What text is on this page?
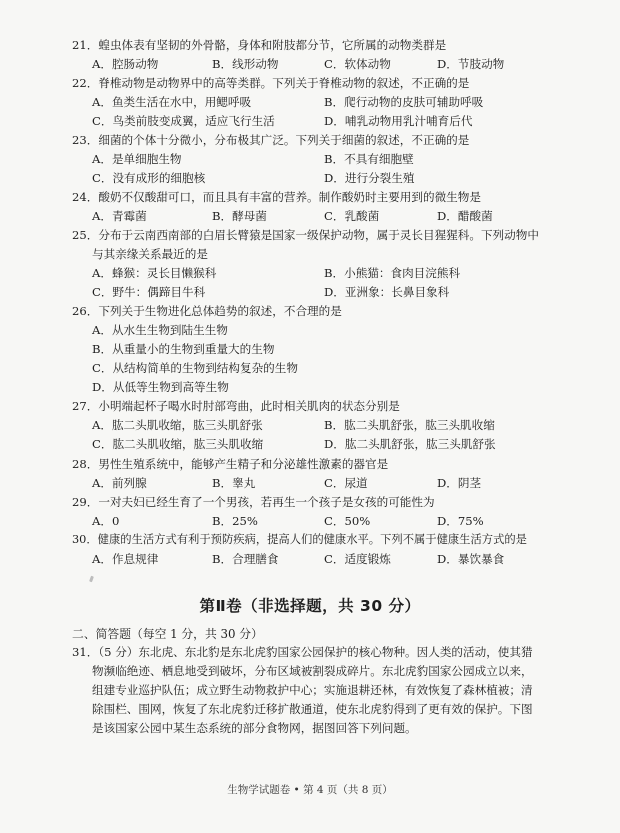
21．蝗虫体表有坚韧的外骨骼，身体和附肢都分节，它所属的动物类群是
A．腔肠动物	B．线形动物	C．软体动物	D．节肢动物
22．脊椎动物是动物界中的高等类群。下列关于脊椎动物的叙述，不正确的是
A．鱼类生活在水中，用鳃呼吸	B．爬行动物的皮肤可辅助呼吸
C．鸟类前肢变成翼，适应飞行生活	D．哺乳动物用乳汁哺育后代
23．细菌的个体十分微小，分布极其广泛。下列关于细菌的叙述，不正确的是
A．是单细胞生物	B．不具有细胞壁
C．没有成形的细胞核	D．进行分裂生殖
24．酸奶不仅酸甜可口，而且具有丰富的营养。制作酸奶时主要用到的微生物是
A．青霉菌	B．酵母菌	C．乳酸菌	D．醋酸菌
25．分布于云南西南部的白眉长臂猿是国家一级保护动物，属于灵长目猩猩科。下列动物中
与其亲缘关系最近的是
A．蜂猴：灵长目懒猴科	B．小熊猫：食肉目浣熊科
C．野牛：偶蹄目牛科	D．亚洲象：长鼻目象科
26．下列关于生物进化总体趋势的叙述，不合理的是
A．从水生生物到陆生生物
B．从重量小的生物到重量大的生物
C．从结构简单的生物到结构复杂的生物
D．从低等生物到高等生物
27．小明端起杯子喝水时肘部弯曲，此时相关肌肉的状态分别是
A．肱二头肌收缩，肱三头肌舒张	B．肱二头肌舒张，肱三头肌收缩
C．肱二头肌收缩，肱三头肌收缩	D．肱二头肌舒张，肱三头肌舒张
28．男性生殖系统中，能够产生精子和分泌雄性激素的器官是
A．前列腺	B．睾丸	C．尿道	D．阴茎
29．一对夫妇已经生育了一个男孩，若再生一个孩子是女孩的可能性为
A．0	B．25%	C．50%	D．75%
30．健康的生活方式有利于预防疾病，提高人们的健康水平。下列不属于健康生活方式的是
A．作息规律	B．合理膳食	C．适度锻炼	D．暴饮暴食
第Ⅱ卷（非选择题，共 30 分）
二、简答题（每空 1 分，共 30 分）
31．（5 分）东北虎、东北豹是东北虎豹国家公园保护的核心物种。因人类的活动，使其猎
物濒临绝迹、栖息地受到破坏，分布区域被割裂成碎片。东北虎豹国家公园成立以来，
组建专业巡护队伍；成立野生动物救护中心；实施退耕还林，有效恢复了森林植被；清
除围栏、围网，恢复了东北虎豹迁移扩散通道，使东北虎豹得到了更有效的保护。下图
是该国家公园中某生态系统的部分食物网，据图回答下列问题。
生物学试题卷 • 第 4 页（共 8 页）
